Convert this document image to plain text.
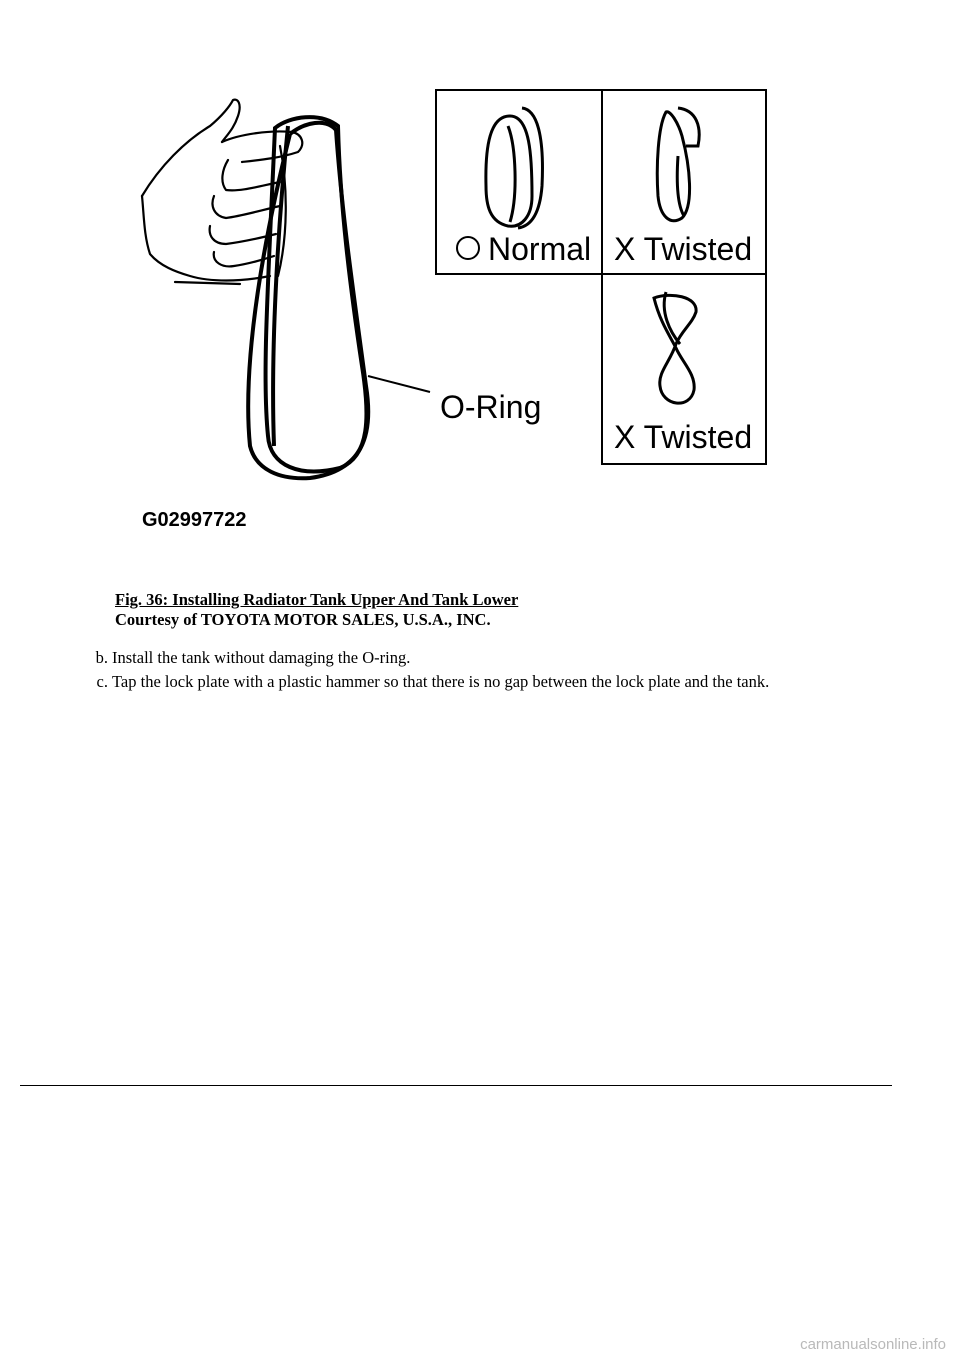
Normal X Twisted
X Twisted
O-Ring
G02997722
Fig. 36: Installing Radiator Tank Upper And Tank Lower
Courtesy of TOYOTA MOTOR SALES, U.S.A., INC.
b. Install the tank without damaging the O-ring.
c. Tap the lock plate with a plastic hammer so that there is no gap between the lock plate and the tank.
carmanualsonline.info
